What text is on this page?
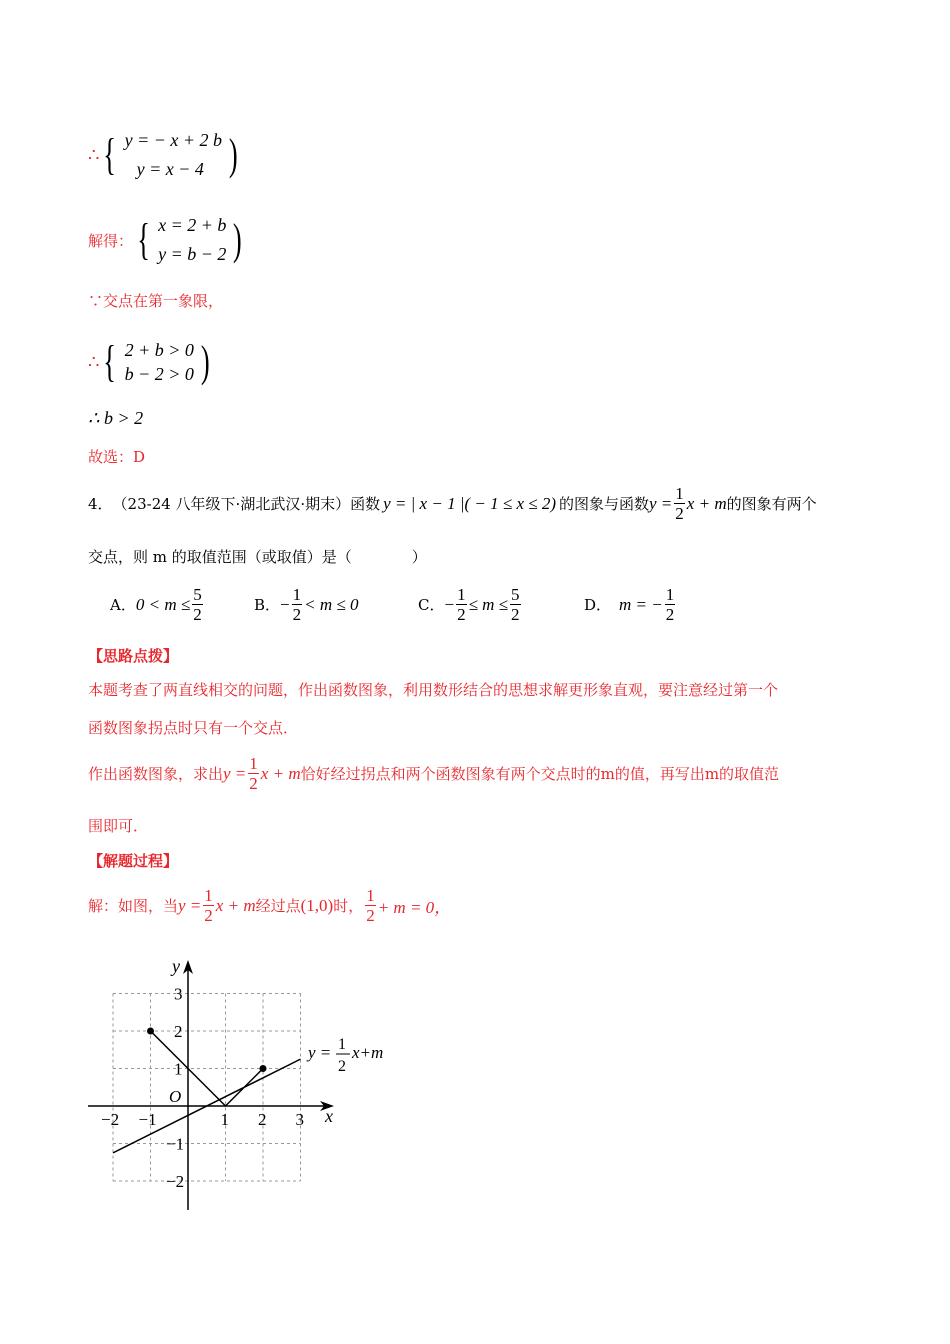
∴ { y = − x + 2 b
y = x − 4 )
解得： { x = 2 + b
y = b − 2 )
∵交点在第一象限，
∴ { 2 + b > 0
b − 2 > 0 )
∴ b > 2
故选：D
4． （23-24 八年级下·湖北武汉·期末）函数 y = | x − 1 |( − 1 ≤ x ≤ 2) 的图象与函数 $y = \frac{1}{2}$ x + m 的图象有两个
交点，则 m 的取值范围（或取值）是（　　　　）
A． $0 < m \le \frac{5}{2}$	B． − $\frac{1}{2} < m \le 0$	C． − $\frac{1}{2} \le m \le \frac{5}{2}$	D． m = − $\frac{1}{2}$
【思路点拨】
本题考查了两直线相交的问题，作出函数图象，利用数形结合的思想求解更形象直观，要注意经过第一个
函数图象拐点时只有一个交点．
作出函数图象，求出 $y = \frac{1}{2}$ x + m 恰好经过拐点和两个函数图象有两个交点时的m的值，再写出m的取值范
围即可．
【解题过程】
解：如图，当 $y = \frac{1}{2}$ x + m 经过点 (1,0) 时， $\frac{1}{2} + m = 0$，
x
y
O
−2 −1	1 2 3
3
2
1
−1
−2
y = 1
2
x+m
